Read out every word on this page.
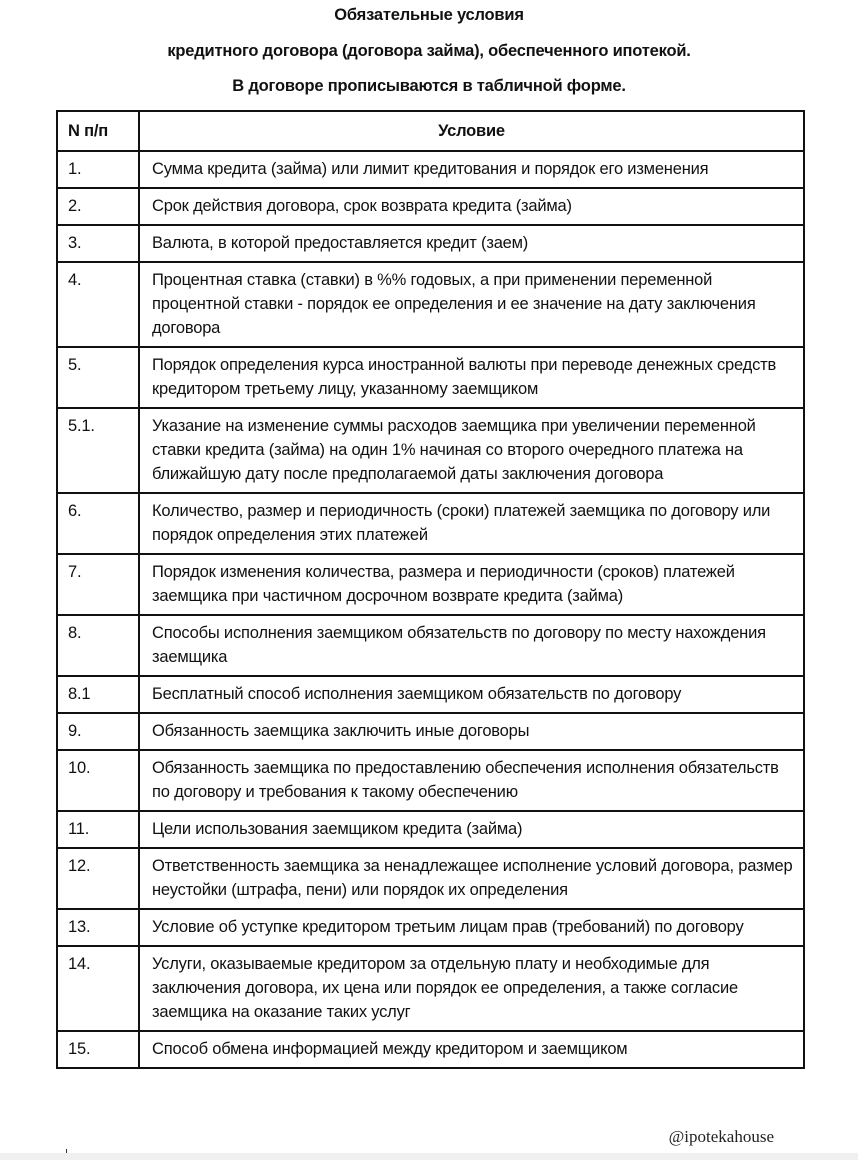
Обязательные условия
кредитного договора (договора займа), обеспеченного ипотекой.
В договоре прописываются в табличной форме.
N п/п	Условие
1.	Сумма кредита (займа) или лимит кредитования и порядок его изменения
2.	Срок действия договора, срок возврата кредита (займа)
3.	Валюта, в которой предоставляется кредит (заем)
4.	Процентная ставка (ставки) в %% годовых, а при применении переменной процентной ставки - порядок ее определения и ее значение на дату заключения договора
5.	Порядок определения курса иностранной валюты при переводе денежных средств кредитором третьему лицу, указанному заемщиком
5.1.	Указание на изменение суммы расходов заемщика при увеличении переменной ставки кредита (займа) на один 1% начиная со второго очередного платежа на ближайшую дату после предполагаемой даты заключения договора
6.	Количество, размер и периодичность (сроки) платежей заемщика по договору или порядок определения этих платежей
7.	Порядок изменения количества, размера и периодичности (сроков) платежей заемщика при частичном досрочном возврате кредита (займа)
8.	Способы исполнения заемщиком обязательств по договору по месту нахождения заемщика
8.1	Бесплатный способ исполнения заемщиком обязательств по договору
9.	Обязанность заемщика заключить иные договоры
10.	Обязанность заемщика по предоставлению обеспечения исполнения обязательств по договору и требования к такому обеспечению
11.	Цели использования заемщиком кредита (займа)
12.	Ответственность заемщика за ненадлежащее исполнение условий договора, размер неустойки (штрафа, пени) или порядок их определения
13.	Условие об уступке кредитором третьим лицам прав (требований) по договору
14.	Услуги, оказываемые кредитором за отдельную плату и необходимые для заключения договора, их цена или порядок ее определения, а также согласие заемщика на оказание таких услуг
15.	Способ обмена информацией между кредитором и заемщиком
@ipotekahouse
